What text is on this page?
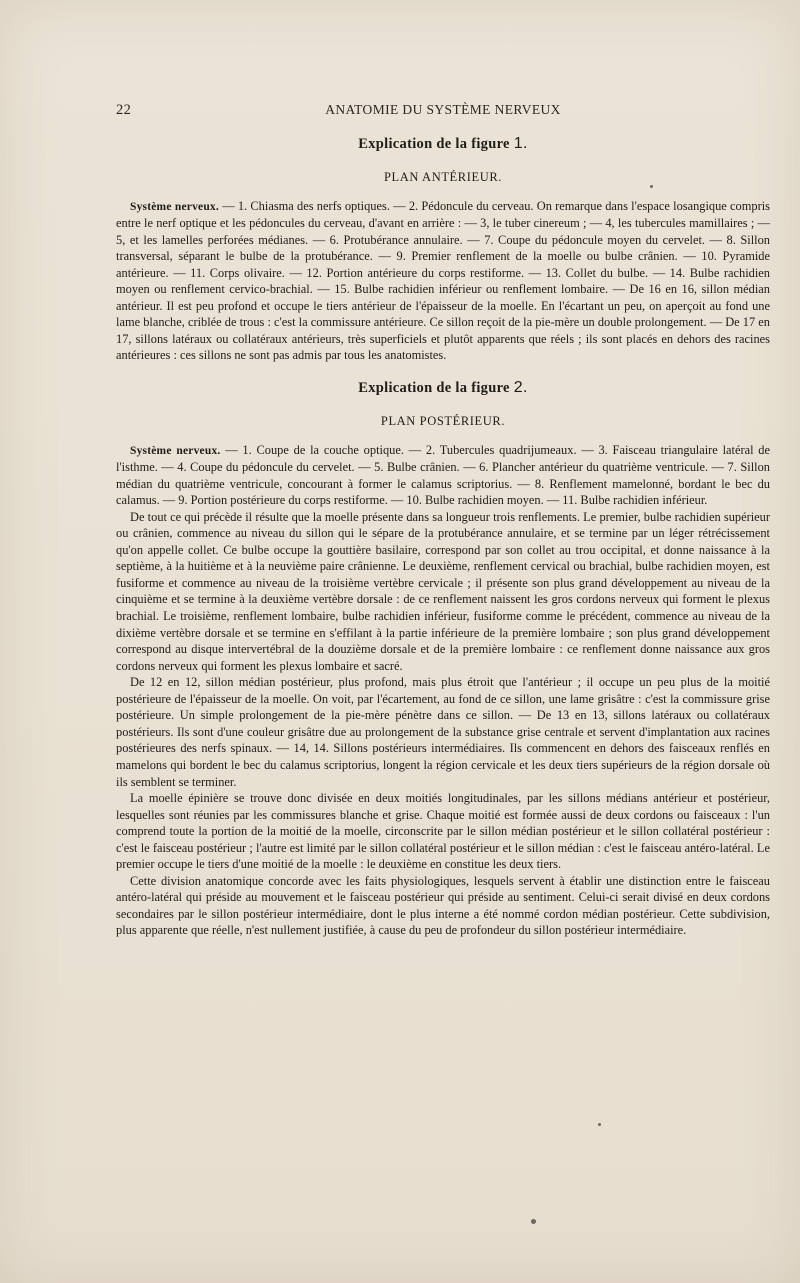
22	ANATOMIE DU SYSTÈME NERVEUX

Explication de la figure 1.

PLAN ANTÉRIEUR.

Système nerveux. — 1. Chiasma des nerfs optiques. — 2. Pédoncule du cerveau. On remarque dans l'espace losangique compris entre le nerf optique et les pédoncules du cerveau, d'avant en arrière : — 3, le tuber cinereum ; — 4, les tubercules mamillaires ; — 5, et les lamelles perforées médianes. — 6. Protubérance annulaire. — 7. Coupe du pédoncule moyen du cervelet. — 8. Sillon transversal, séparant le bulbe de la protubérance. — 9. Premier renflement de la moelle ou bulbe crânien. — 10. Pyramide antérieure. — 11. Corps olivaire. — 12. Portion antérieure du corps restiforme. — 13. Collet du bulbe. — 14. Bulbe rachidien moyen ou renflement cervico-brachial. — 15. Bulbe rachidien inférieur ou renflement lombaire. — De 16 en 16, sillon médian antérieur. Il est peu profond et occupe le tiers antérieur de l'épaisseur de la moelle. En l'écartant un peu, on aperçoit au fond une lame blanche, criblée de trous : c'est la commissure antérieure. Ce sillon reçoit de la pie-mère un double prolongement. — De 17 en 17, sillons latéraux ou collatéraux antérieurs, très superficiels et plutôt apparents que réels ; ils sont placés en dehors des racines antérieures : ces sillons ne sont pas admis par tous les anatomistes.

Explication de la figure 2.

PLAN POSTÉRIEUR.

Système nerveux. — 1. Coupe de la couche optique. — 2. Tubercules quadrijumeaux. — 3. Faisceau triangulaire latéral de l'isthme. — 4. Coupe du pédoncule du cervelet. — 5. Bulbe crânien. — 6. Plancher antérieur du quatrième ventricule. — 7. Sillon médian du quatrième ventricule, concourant à former le calamus scriptorius. — 8. Renflement mamelonné, bordant le bec du calamus. — 9. Portion postérieure du corps restiforme. — 10. Bulbe rachidien moyen. — 11. Bulbe rachidien inférieur.

De tout ce qui précède il résulte que la moelle présente dans sa longueur trois renflements. Le premier, bulbe rachidien supérieur ou crânien, commence au niveau du sillon qui le sépare de la protubérance annulaire, et se termine par un léger rétrécissement qu'on appelle collet. Ce bulbe occupe la gouttière basilaire, correspond par son collet au trou occipital, et donne naissance à la septième, à la huitième et à la neuvième paire crânienne. Le deuxième, renflement cervical ou brachial, bulbe rachidien moyen, est fusiforme et commence au niveau de la troisième vertèbre cervicale ; il présente son plus grand développement au niveau de la cinquième et se termine à la deuxième vertèbre dorsale : de ce renflement naissent les gros cordons nerveux qui forment le plexus brachial. Le troisième, renflement lombaire, bulbe rachidien inférieur, fusiforme comme le précédent, commence au niveau de la dixième vertèbre dorsale et se termine en s'effilant à la partie inférieure de la première lombaire ; son plus grand développement correspond au disque intervertébral de la douzième dorsale et de la première lombaire : ce renflement donne naissance aux gros cordons nerveux qui forment les plexus lombaire et sacré.

De 12 en 12, sillon médian postérieur, plus profond, mais plus étroit que l'antérieur ; il occupe un peu plus de la moitié postérieure de l'épaisseur de la moelle. On voit, par l'écartement, au fond de ce sillon, une lame grisâtre : c'est la commissure grise postérieure. Un simple prolongement de la pie-mère pénètre dans ce sillon. — De 13 en 13, sillons latéraux ou collatéraux postérieurs. Ils sont d'une couleur grisâtre due au prolongement de la substance grise centrale et servent d'implantation aux racines postérieures des nerfs spinaux. — 14, 14. Sillons postérieurs intermédiaires. Ils commencent en dehors des faisceaux renflés en mamelons qui bordent le bec du calamus scriptorius, longent la région cervicale et les deux tiers supérieurs de la région dorsale où ils semblent se terminer.

La moelle épinière se trouve donc divisée en deux moitiés longitudinales, par les sillons médians antérieur et postérieur, lesquelles sont réunies par les commissures blanche et grise. Chaque moitié est formée aussi de deux cordons ou faisceaux : l'un comprend toute la portion de la moitié de la moelle, circonscrite par le sillon médian postérieur et le sillon collatéral postérieur : c'est le faisceau postérieur ; l'autre est limité par le sillon collatéral postérieur et le sillon médian : c'est le faisceau antéro-latéral. Le premier occupe le tiers d'une moitié de la moelle : le deuxième en constitue les deux tiers.

Cette division anatomique concorde avec les faits physiologiques, lesquels servent à établir une distinction entre le faisceau antéro-latéral qui préside au mouvement et le faisceau postérieur qui préside au sentiment. Celui-ci serait divisé en deux cordons secondaires par le sillon postérieur intermédiaire, dont le plus interne a été nommé cordon médian postérieur. Cette subdivision, plus apparente que réelle, n'est nullement justifiée, à cause du peu de profondeur du sillon postérieur intermédiaire.
